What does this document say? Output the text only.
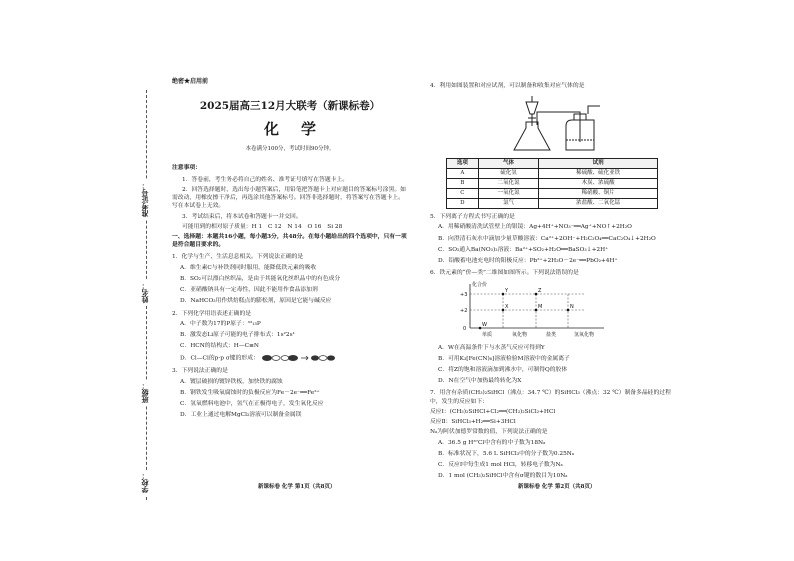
准考证号：
姓名：
班级：
学校：
绝密★启用前
2025届高三12月大联考（新课标卷）
化学
本卷满分100分，考试时间90分钟。
注意事项：
1．答卷前，考生务必将自己的姓名、准考证号填写在答题卡上。
2．回答选择题时，选出每小题答案后，用铅笔把答题卡上对应题目的答案标号涂黑。如需改动，用橡皮擦干净后，再选涂其他答案标号。回答非选择题时，将答案写在答题卡上。写在本试卷上无效。
3．考试结束后，将本试卷和答题卡一并交回。
可能用到的相对原子质量：H 1　C 12　N 14　O 16　Si 28
一、选择题：本题共16小题，每小题3分，共48分。在每小题给出的四个选项中，只有一项是符合题目要求的。
1．化学与生产、生活息息相关。下列说法正确的是
A．维生素C与补铁剂同时服用，能降低铁元素的吸收
B．SO₂可以漂白丝织品，是由于其能氧化丝织品中的有色成分
C．亚硝酸钠具有一定毒性，因此不能用作食品添加剂
D．NaHCO₃用作烘焙糕点的膨松剂，原因是它能与碱反应
2．下列化学用语表述正确的是
A．中子数为17的P原子：³²₁₅P
B．激发态Li原子可能的电子排布式：1s²2s¹
C．HCN的结构式：H—C≡N
D．Cl—Cl的p-p σ键的形成：
3．下列说法正确的是
A．镀层破损的镀锌铁板，加快铁的腐蚀
B．钢铁发生吸氧腐蚀时的负极反应为Fe－2e⁻══Fe²⁺
C．氢氧燃料电池中，氢气在正极得电子，发生氧化反应
D．工业上通过电解MgCl₂溶液可以制备金属镁
新课标卷 化学 第1页（共8页）
4．利用如图装置和对应试剂，可以制备和收集对应气体的是
选项	气体	试剂
A	硫化氢	稀硫酸、硫化亚铁
B	二氧化氮	木炭、浓硫酸
C	一氧化氮	稀硝酸、铜片
D	氯气	浓盐酸、二氧化锰
5．下列离子方程式书写正确的是
A．用稀硝酸清洗试管壁上的银镜：Ag+4H⁺+NO₃⁻══Ag⁺+NO↑+2H₂O
B．向澄清石灰水中滴加少量草酸溶液：Ca²⁺+2OH⁻+H₂C₂O₄══CaC₂O₄↓+2H₂O
C．SO₂通入Ba(NO₃)₂溶液：Ba²⁺+SO₂+H₂O══BaSO₃↓+2H⁺
D．铅酸蓄电池充电时的阳极反应：Pb²⁺+2H₂O－2e⁻══PbO₂+4H⁺
6．铁元素的“价—类”二维图如图所示。下列说法错误的是
化合价
+3
+2
0
单质	氧化物	盐类	氢氧化物
W
Y
X
Z
M	N
A．W在高温条件下与水蒸气反应可得到Y
B．可用K₃[Fe(CN)₆]溶液检验M溶液中的金属离子
C．将Z的饱和溶液滴加到沸水中，可制得Q的胶体
D．N在空气中加热最终转化为X
7．用含有杂质(CH₃)₂SiHCl（沸点：34.7 ℃）的SiHCl₃（沸点：32 ℃）制备多晶硅的过程中，发生的反应如下：
反应Ⅰ：(CH₃)₂SiHCl+Cl₂══(CH₃)₂SiCl₂+HCl
反应Ⅱ：SiHCl₃+H₂══Si+3HCl
Nₐ为阿伏加德罗常数的值，下列说法正确的是
A．36.5 g H³⁷Cl中含有的中子数为18Nₐ
B．标准状况下，5.6 L SiHCl₃中的分子数为0.25Nₐ
C．反应Ⅰ中每生成1 mol HCl，转移电子数为Nₐ
D．1 mol (CH₃)₂SiHCl中含有σ键的数目为10Nₐ
新课标卷 化学 第2页（共8页）
